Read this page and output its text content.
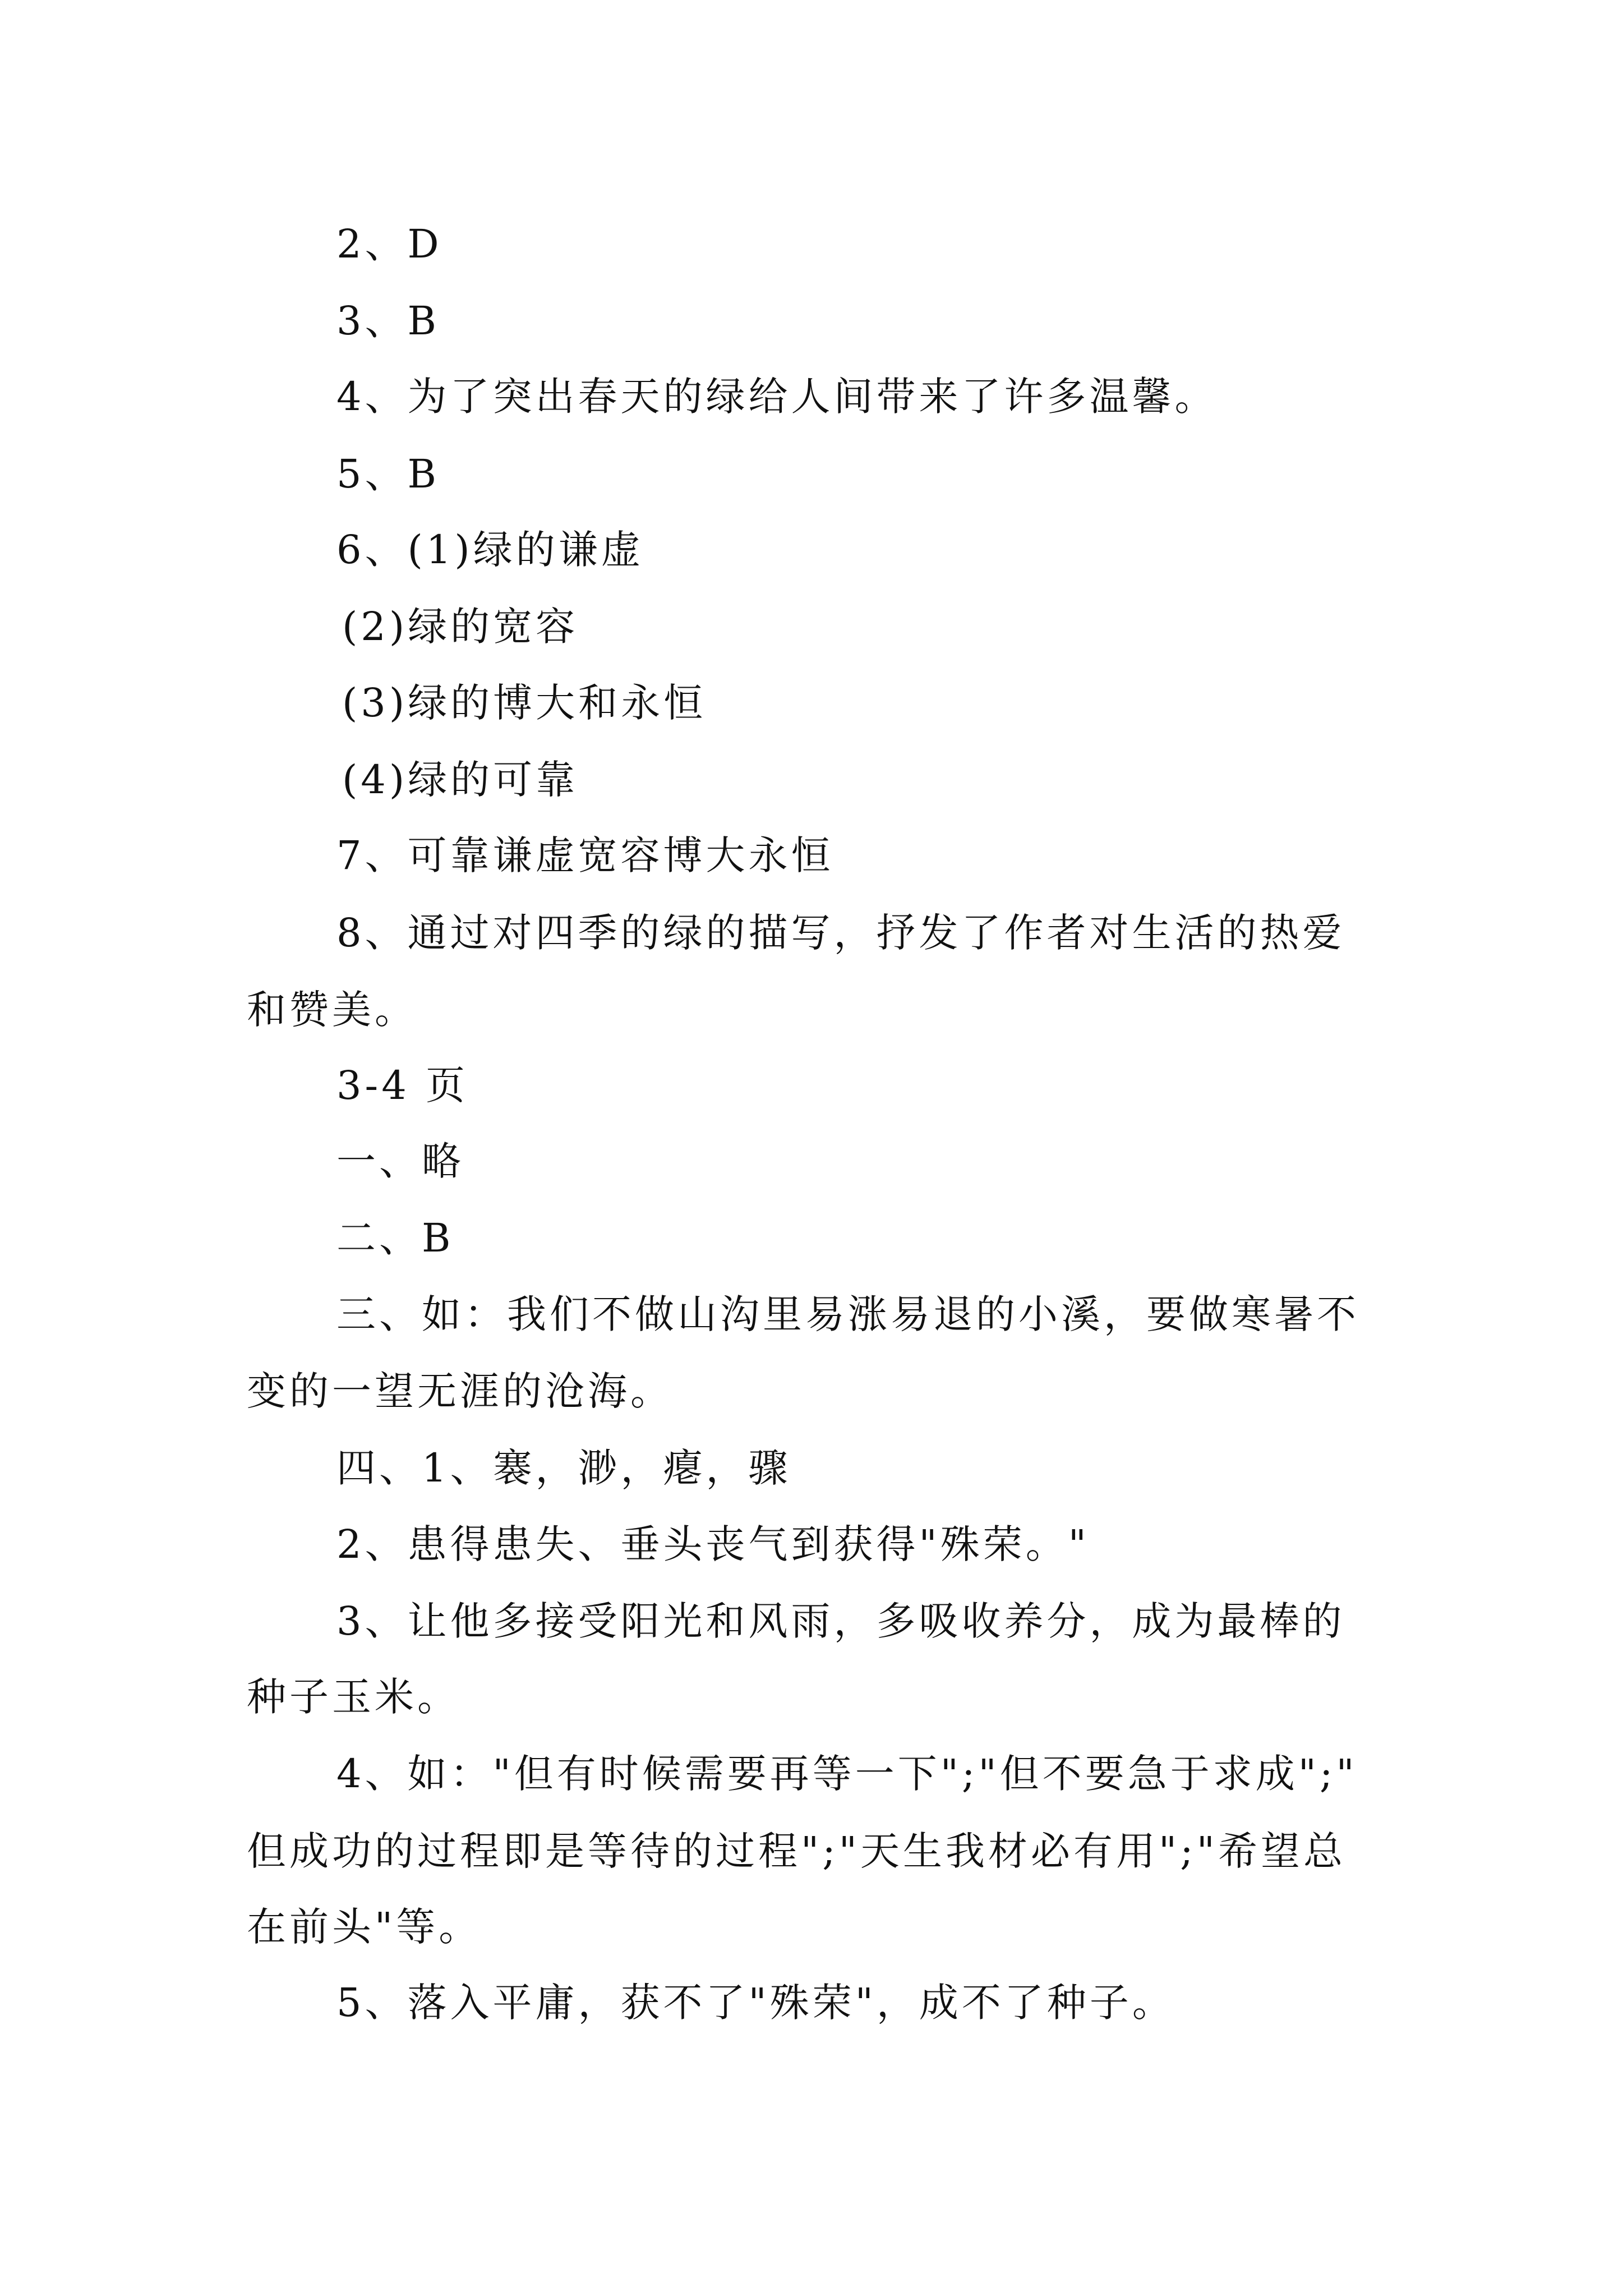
2、D
3、B
4、为了突出春天的绿给人间带来了许多温馨。
5、B
6、(1)绿的谦虚
(2)绿的宽容
(3)绿的博大和永恒
(4)绿的可靠
7、可靠谦虚宽容博大永恒
8、通过对四季的绿的描写，抒发了作者对生活的热爱
和赞美。
3-4 页
一、略
二、B
三、如：我们不做山沟里易涨易退的小溪，要做寒暑不
变的一望无涯的沧海。
四、1、褰，渺，瘪，骤
2、患得患失、垂头丧气到获得"殊荣。"
3、让他多接受阳光和风雨，多吸收养分，成为最棒的
种子玉米。
4、如："但有时候需要再等一下";"但不要急于求成";"
但成功的过程即是等待的过程";"天生我材必有用";"希望总
在前头"等。
5、落入平庸，获不了"殊荣"，成不了种子。
